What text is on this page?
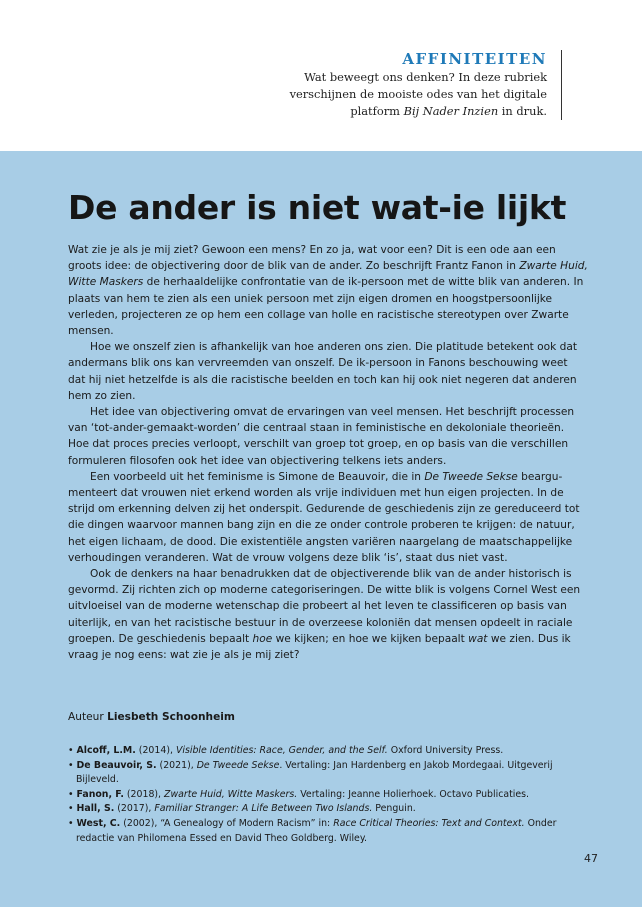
AFFINITEITEN

Wat beweegt ons denken? In deze rubriek
verschijnen de mooiste odes van het digitale
platform Bij Nader Inzien in druk.

De ander is niet wat-ie lijkt

Wat zie je als je mij ziet? Gewoon een mens? En zo ja, wat voor een? Dit is een ode aan een groots idee: de objectivering door de blik van de ander. Zo beschrijft Frantz Fanon in Zwarte Huid, Witte Maskers de herhaaldelijke confrontatie van de ik-persoon met de witte blik van anderen. In plaats van hem te zien als een uniek persoon met zijn eigen dromen en hoogstpersoonlijke verleden, projecteren ze op hem een collage van holle en racistische stereotypen over Zwarte mensen.

Hoe we onszelf zien is afhankelijk van hoe anderen ons zien. Die platitude betekent ook dat andermans blik ons kan vervreemden van onszelf. De ik-persoon in Fanons beschouwing weet dat hij niet hetzelfde is als die racistische beelden en toch kan hij ook niet negeren dat anderen hem zo zien.

Het idee van objectivering omvat de ervaringen van veel mensen. Het beschrijft processen van ‘tot-ander-gemaakt-worden’ die centraal staan in feministische en dekoloniale theorieën. Hoe dat proces precies verloopt, verschilt van groep tot groep, en op basis van die verschillen formuleren filosofen ook het idee van objectivering telkens iets anders.

Een voorbeeld uit het feminisme is Simone de Beauvoir, die in De Tweede Sekse beargumenteert dat vrouwen niet erkend worden als vrije individuen met hun eigen projecten. In de strijd om erkenning delven zij het onderspit. Gedurende de geschiedenis zijn ze gereduceerd tot die dingen waarvoor mannen bang zijn en die ze onder controle proberen te krijgen: de natuur, het eigen lichaam, de dood. Die existentiële angsten variëren naargelang de maatschappelijke verhoudingen veranderen. Wat de vrouw volgens deze blik ‘is’, staat dus niet vast.

Ook de denkers na haar benadrukken dat de objectiverende blik van de ander historisch is gevormd. Zij richten zich op moderne categoriseringen. De witte blik is volgens Cornel West een uitvloeisel van de moderne wetenschap die probeert al het leven te classificeren op basis van uiterlijk, en van het racistische bestuur in de overzeese koloniën dat mensen opdeelt in raciale groepen. De geschiedenis bepaalt hoe we kijken; en hoe we kijken bepaalt wat we zien. Dus ik vraag je nog eens: wat zie je als je mij ziet?

Auteur Liesbeth Schoonheim
• Alcoff, L.M. (2014), Visible Identities: Race, Gender, and the Self. Oxford University Press.
• De Beauvoir, S. (2021), De Tweede Sekse. Vertaling: Jan Hardenberg en Jakob Mordegaai. Uitgeverij Bijleveld.
• Fanon, F. (2018), Zwarte Huid, Witte Maskers. Vertaling: Jeanne Holierhoek. Octavo Publicaties.
• Hall, S. (2017), Familiar Stranger: A Life Between Two Islands. Penguin.
• West, C. (2002), “A Genealogy of Modern Racism” in: Race Critical Theories: Text and Context. Onder redactie van Philomena Essed en David Theo Goldberg. Wiley.
47
